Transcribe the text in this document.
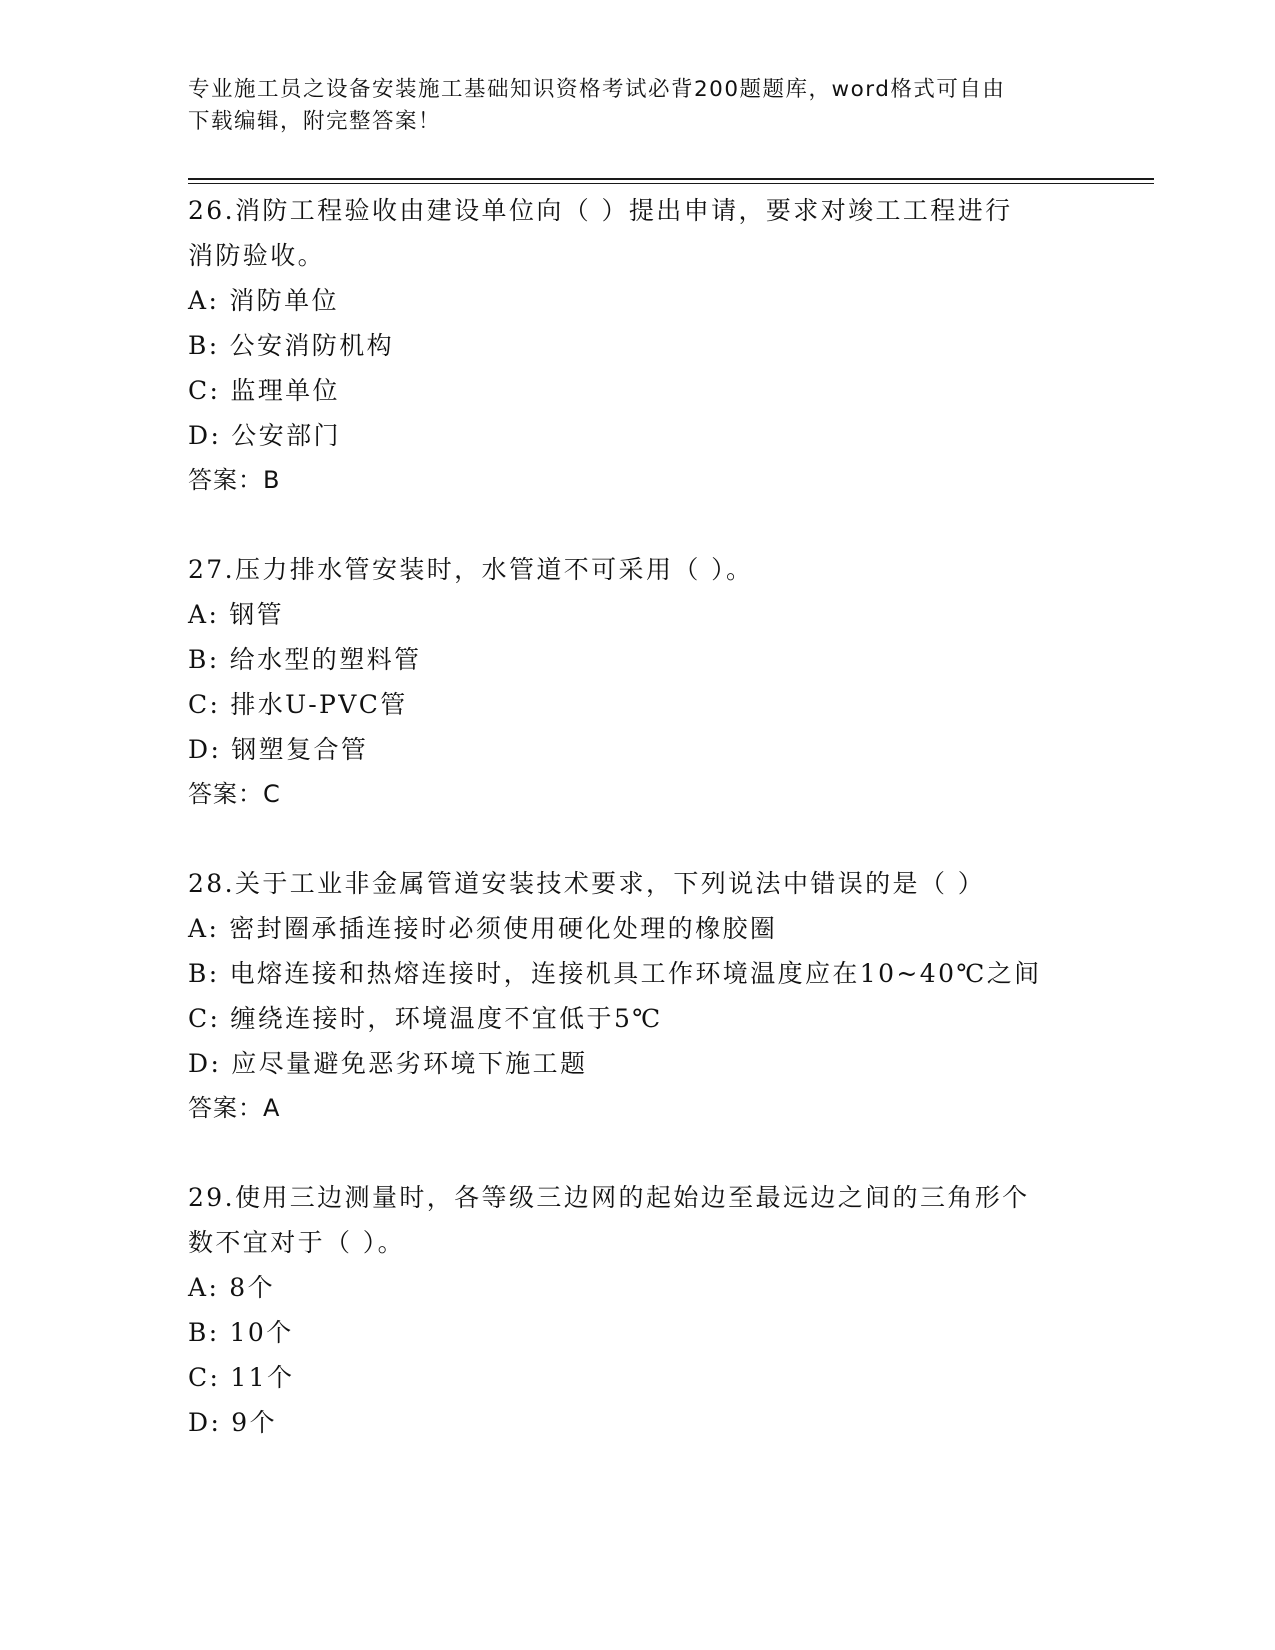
专业施工员之设备安装施工基础知识资格考试必背200题题库，word格式可自由
下载编辑，附完整答案！
26.消防工程验收由建设单位向（ ）提出申请，要求对竣工工程进行
消防验收。
A: 消防单位
B: 公安消防机构
C: 监理单位
D: 公安部门
答案：B
27.压力排水管安装时，水管道不可采用（ ）。
A: 钢管
B: 给水型的塑料管
C: 排水U-PVC管
D: 钢塑复合管
答案：C
28.关于工业非金属管道安装技术要求，下列说法中错误的是（ ）
A: 密封圈承插连接时必须使用硬化处理的橡胶圈
B: 电熔连接和热熔连接时，连接机具工作环境温度应在10~40℃之间
C: 缠绕连接时，环境温度不宜低于5℃
D: 应尽量避免恶劣环境下施工题
答案：A
29.使用三边测量时，各等级三边网的起始边至最远边之间的三角形个
数不宜对于（ ）。
A: 8个
B: 10个
C: 11个
D: 9个
